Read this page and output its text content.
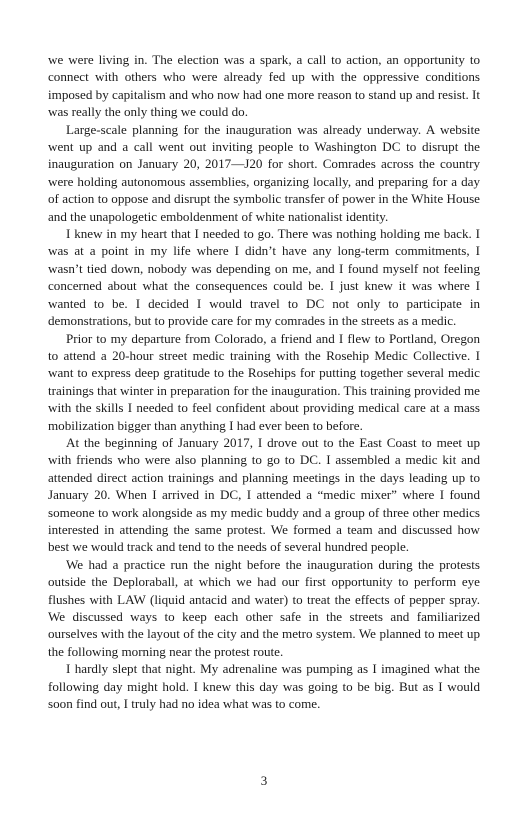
we were living in. The election was a spark, a call to action, an opportunity to connect with others who were already fed up with the oppressive conditions imposed by capitalism and who now had one more reason to stand up and resist. It was really the only thing we could do.

Large-scale planning for the inauguration was already underway. A website went up and a call went out inviting people to Washington DC to disrupt the inauguration on January 20, 2017—J20 for short. Comrades across the country were holding autonomous assemblies, organizing locally, and preparing for a day of action to oppose and disrupt the symbolic transfer of power in the White House and the unapologetic emboldenment of white nationalist identity.

I knew in my heart that I needed to go. There was nothing holding me back. I was at a point in my life where I didn’t have any long-term commitments, I wasn’t tied down, nobody was depending on me, and I found myself not feeling concerned about what the consequences could be. I just knew it was where I wanted to be. I decided I would travel to DC not only to participate in demonstrations, but to provide care for my comrades in the streets as a medic.

Prior to my departure from Colorado, a friend and I flew to Portland, Oregon to attend a 20-hour street medic training with the Rosehip Medic Collective. I want to express deep gratitude to the Rosehips for putting together several medic trainings that winter in preparation for the inauguration. This training provided me with the skills I needed to feel confident about providing medical care at a mass mobilization bigger than anything I had ever been to before.

At the beginning of January 2017, I drove out to the East Coast to meet up with friends who were also planning to go to DC. I assembled a medic kit and attended direct action trainings and planning meetings in the days leading up to January 20. When I arrived in DC, I attended a “medic mixer” where I found someone to work alongside as my medic buddy and a group of three other medics interested in attending the same protest. We formed a team and discussed how best we would track and tend to the needs of several hundred people.

We had a practice run the night before the inauguration during the protests outside the Deploraball, at which we had our first opportunity to perform eye flushes with LAW (liquid antacid and water) to treat the effects of pepper spray. We discussed ways to keep each other safe in the streets and familiarized ourselves with the layout of the city and the metro system. We planned to meet up the following morning near the protest route.

I hardly slept that night. My adrenaline was pumping as I imagined what the following day might hold. I knew this day was going to be big. But as I would soon find out, I truly had no idea what was to come.

3
